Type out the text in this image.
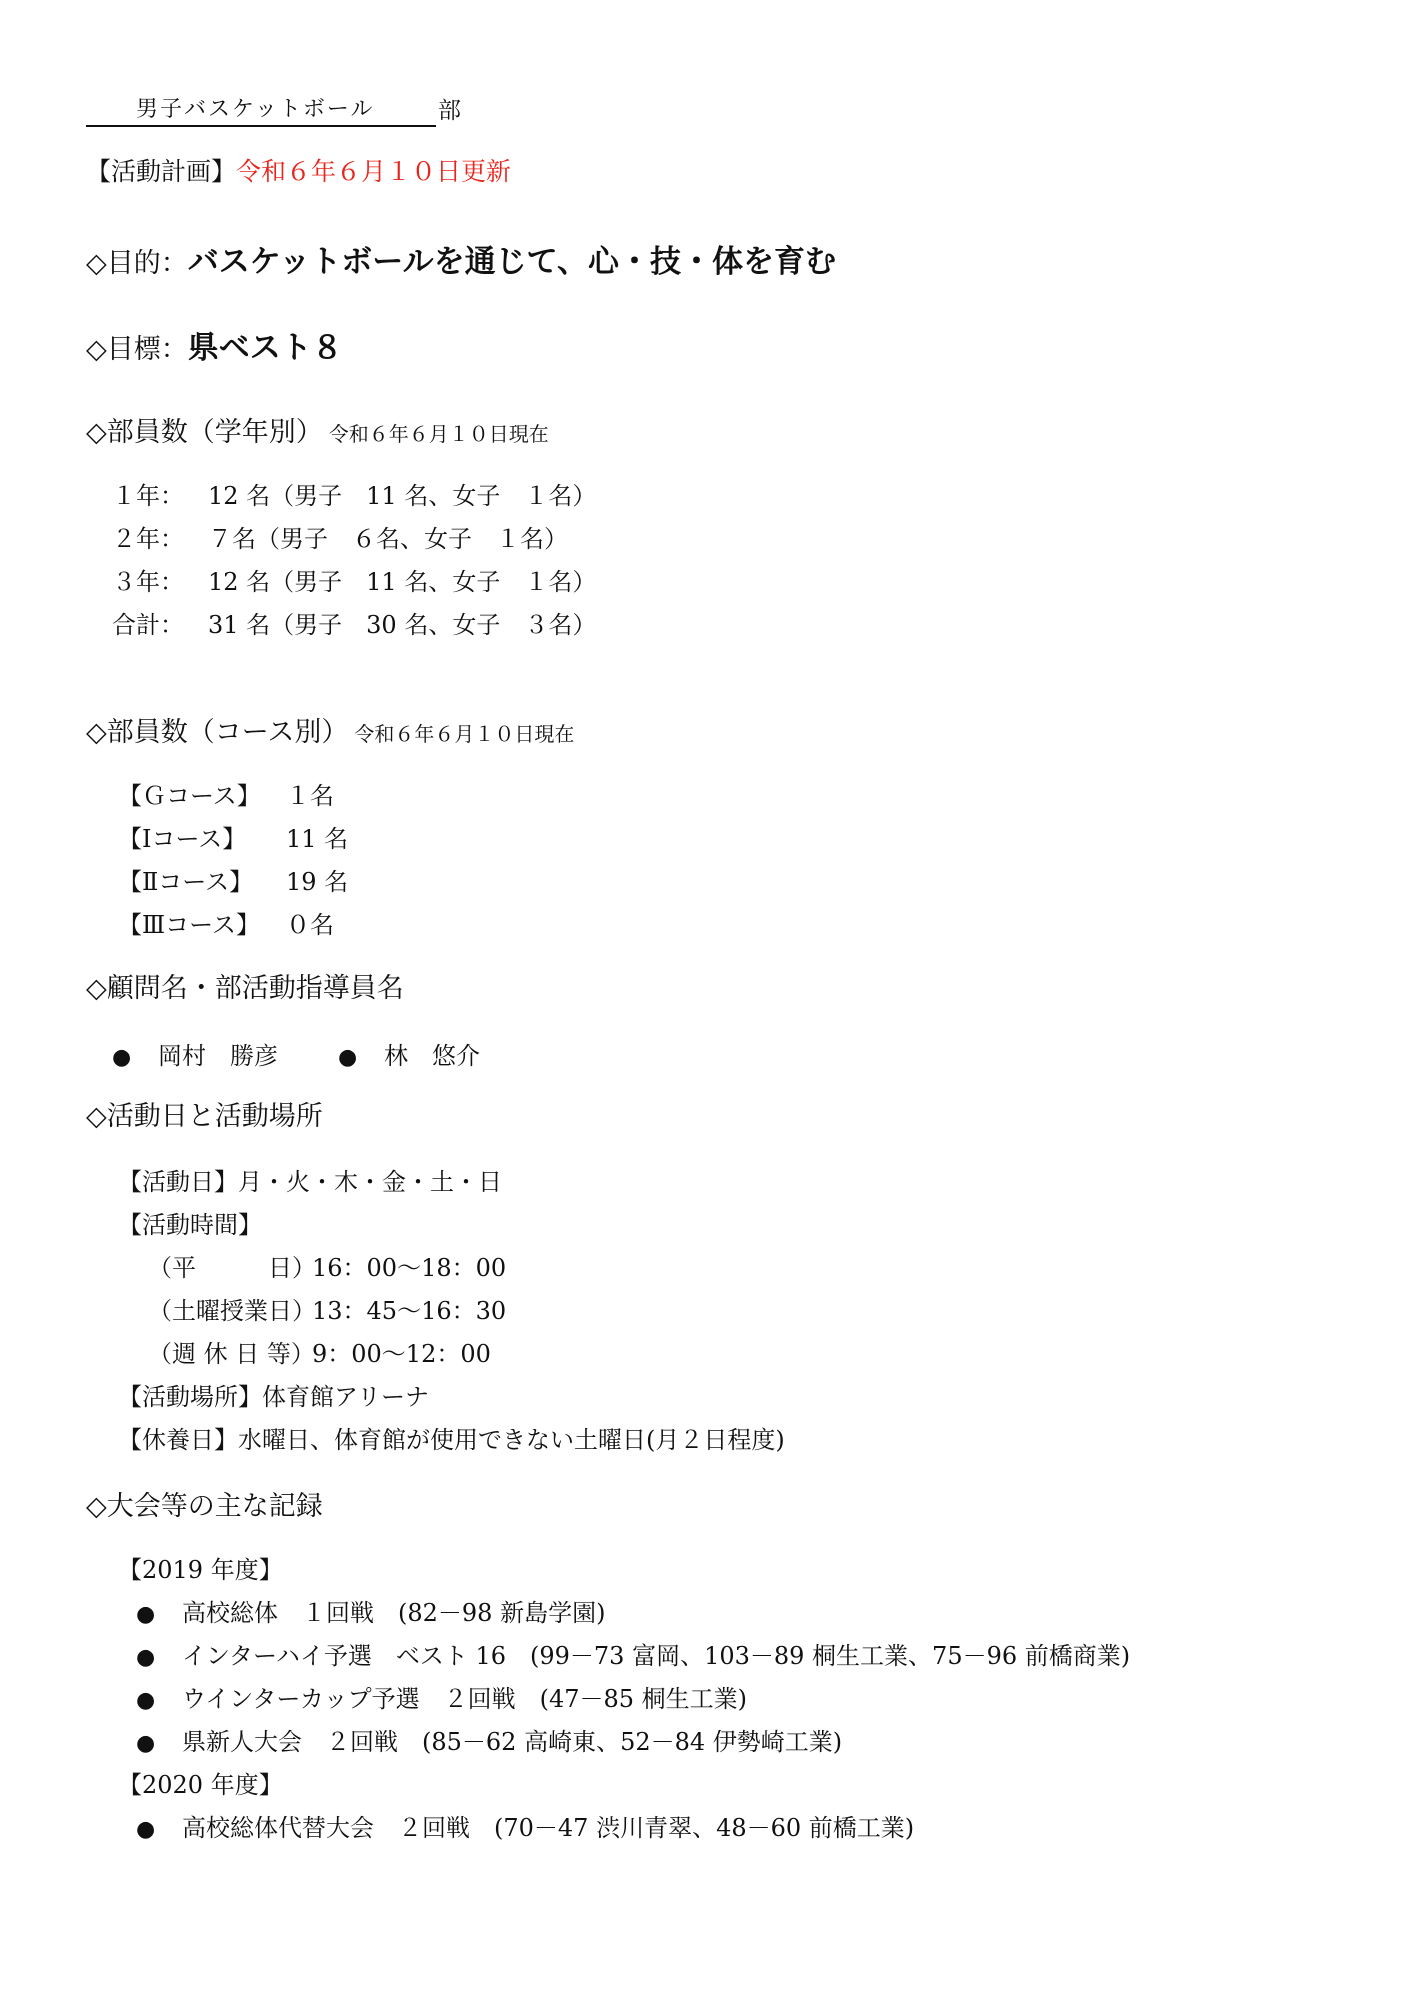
男子バスケットボール	部
【活動計画】令和６年６月１０日更新
◇目的：バスケットボールを通じて、心・技・体を育む
◇目標：県ベスト８
◇部員数（学年別） 令和６年６月１０日現在
１年： 12 名（男子　11 名、女子　１名）
２年： ７名（男子　６名、女子　１名）
３年： 12 名（男子　11 名、女子　１名）
合計： 31 名（男子　30 名、女子　３名）
◇部員数（コース別） 令和６年６月１０日現在
【Ｇコース】 １名
【Ⅰコース】 11 名
【Ⅱコース】 19 名
【Ⅲコース】 ０名
◇顧問名・部活動指導員名
● 岡村　勝彦	● 林　悠介
◇活動日と活動場所
【活動日】月・火・木・金・土・日
【活動時間】
（平　　　日）16：00～18：00
（土曜授業日）13：45～16：30
（週 休 日 等）9：00～12：00
【活動場所】体育館アリーナ
【休養日】水曜日、体育館が使用できない土曜日(月２日程度)
◇大会等の主な記録
【2019 年度】
● 高校総体　１回戦　(82－98 新島学園)
● インターハイ予選　ベスト 16　(99－73 富岡、103－89 桐生工業、75－96 前橋商業)
● ウインターカップ予選　２回戦　(47－85 桐生工業)
● 県新人大会　２回戦　(85－62 高崎東、52－84 伊勢崎工業)
【2020 年度】
● 高校総体代替大会　２回戦　(70－47 渋川青翠、48－60 前橋工業)
